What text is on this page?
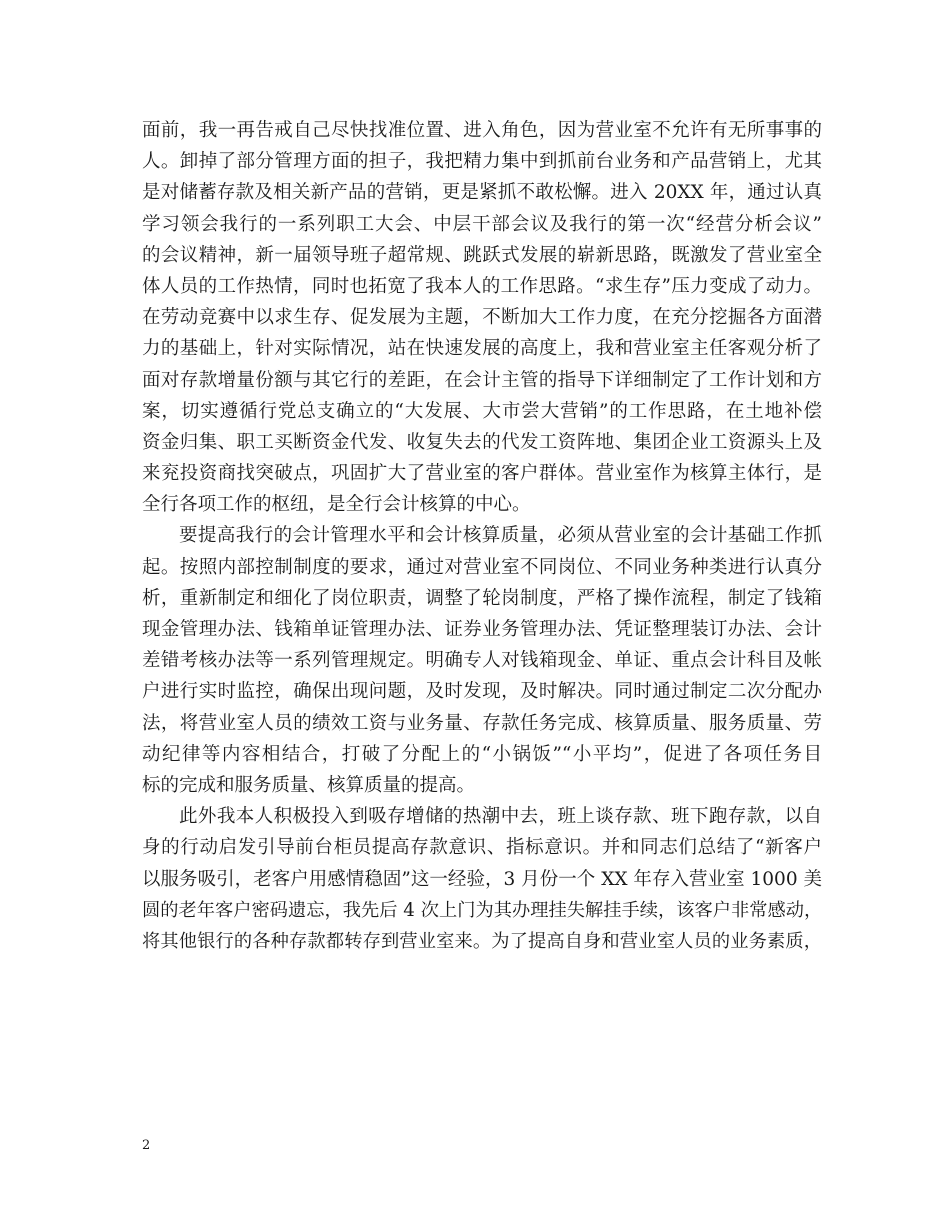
面前，我一再告戒自己尽快找准位置、进入角色，因为营业室不允许有无所事事的
人。卸掉了部分管理方面的担子，我把精力集中到抓前台业务和产品营销上，尤其
是对储蓄存款及相关新产品的营销，更是紧抓不敢松懈。进入 20XX 年，通过认真
学习领会我行的一系列职工大会、中层干部会议及我行的第一次“经营分析会议”
的会议精神，新一届领导班子超常规、跳跃式发展的崭新思路，既激发了营业室全
体人员的工作热情，同时也拓宽了我本人的工作思路。“求生存”压力变成了动力。
在劳动竞赛中以求生存、促发展为主题，不断加大工作力度，在充分挖掘各方面潜
力的基础上，针对实际情况，站在快速发展的高度上，我和营业室主任客观分析了
面对存款增量份额与其它行的差距，在会计主管的指导下详细制定了工作计划和方
案，切实遵循行党总支确立的“大发展、大市尝大营销”的工作思路，在土地补偿
资金归集、职工买断资金代发、收复失去的代发工资阵地、集团企业工资源头上及
来兖投资商找突破点，巩固扩大了营业室的客户群体。营业室作为核算主体行，是
全行各项工作的枢纽，是全行会计核算的中心。
要提高我行的会计管理水平和会计核算质量，必须从营业室的会计基础工作抓
起。按照内部控制制度的要求，通过对营业室不同岗位、不同业务种类进行认真分
析，重新制定和细化了岗位职责，调整了轮岗制度，严格了操作流程，制定了钱箱
现金管理办法、钱箱单证管理办法、证券业务管理办法、凭证整理装订办法、会计
差错考核办法等一系列管理规定。明确专人对钱箱现金、单证、重点会计科目及帐
户进行实时监控，确保出现问题，及时发现，及时解决。同时通过制定二次分配办
法，将营业室人员的绩效工资与业务量、存款任务完成、核算质量、服务质量、劳
动纪律等内容相结合，打破了分配上的“小锅饭”“小平均”，促进了各项任务目
标的完成和服务质量、核算质量的提高。
此外我本人积极投入到吸存增储的热潮中去，班上谈存款、班下跑存款，以自
身的行动启发引导前台柜员提高存款意识、指标意识。并和同志们总结了“新客户
以服务吸引，老客户用感情稳固”这一经验，3 月份一个 XX 年存入营业室 1000 美
圆的老年客户密码遗忘，我先后 4 次上门为其办理挂失解挂手续，该客户非常感动，
将其他银行的各种存款都转存到营业室来。为了提高自身和营业室人员的业务素质，
2
